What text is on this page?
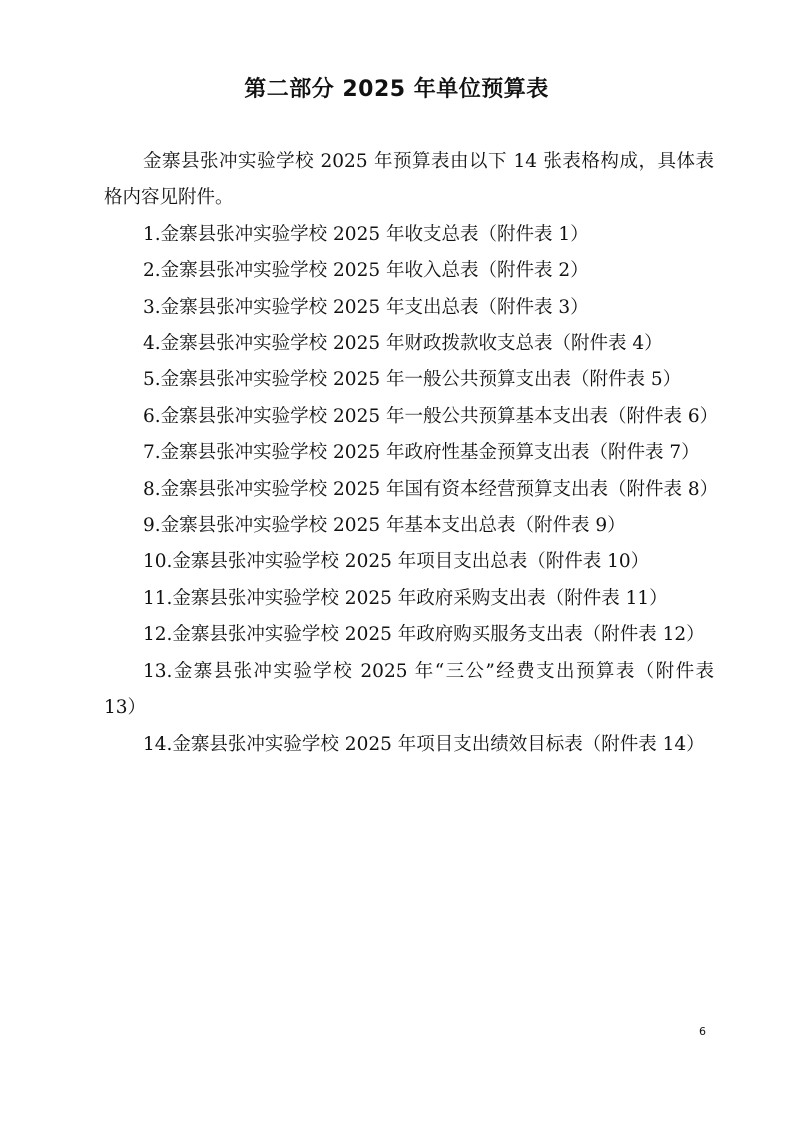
第二部分 2025 年单位预算表

金寨县张冲实验学校 2025 年预算表由以下 14 张表格构成，具体表格内容见附件。

1.金寨县张冲实验学校 2025 年收支总表（附件表 1）

2.金寨县张冲实验学校 2025 年收入总表（附件表 2）

3.金寨县张冲实验学校 2025 年支出总表（附件表 3）

4.金寨县张冲实验学校 2025 年财政拨款收支总表（附件表 4）

5.金寨县张冲实验学校 2025 年一般公共预算支出表（附件表 5）

6.金寨县张冲实验学校 2025 年一般公共预算基本支出表（附件表 6）

7.金寨县张冲实验学校 2025 年政府性基金预算支出表（附件表 7）

8.金寨县张冲实验学校 2025 年国有资本经营预算支出表（附件表 8）

9.金寨县张冲实验学校 2025 年基本支出总表（附件表 9）

10.金寨县张冲实验学校 2025 年项目支出总表（附件表 10）

11.金寨县张冲实验学校 2025 年政府采购支出表（附件表 11）

12.金寨县张冲实验学校 2025 年政府购买服务支出表（附件表 12）

13.金寨县张冲实验学校 2025 年“三公”经费支出预算表（附件表 13）

14.金寨县张冲实验学校 2025 年项目支出绩效目标表（附件表 14）

6
